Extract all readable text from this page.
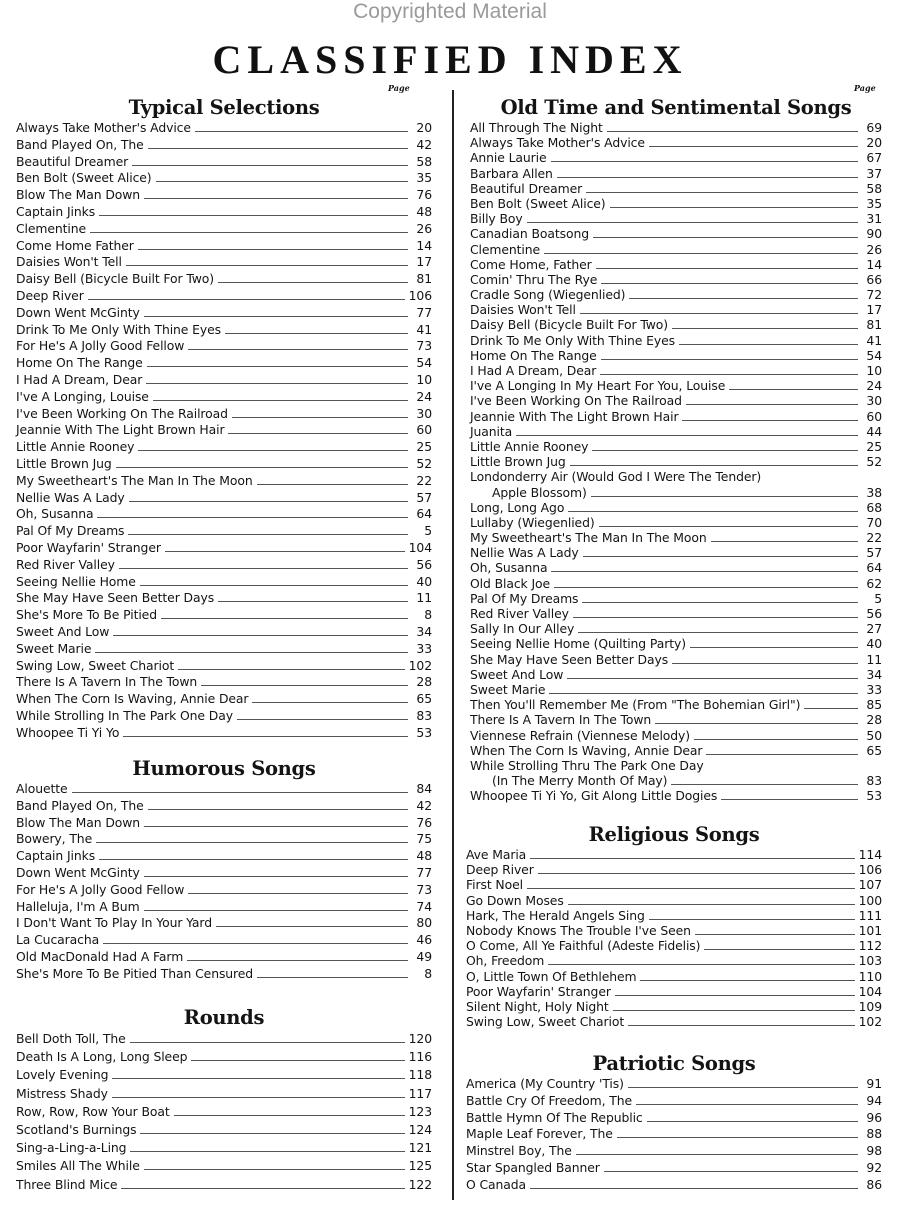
Copyrighted Material
CLASSIFIED INDEX
Page
Typical Selections
Always Take Mother's Advice	20
Band Played On, The	42
Beautiful Dreamer	58
Ben Bolt (Sweet Alice)	35
Blow The Man Down	76
Captain Jinks	48
Clementine	26
Come Home Father	14
Daisies Won't Tell	17
Daisy Bell (Bicycle Built For Two)	81
Deep River	106
Down Went McGinty	77
Drink To Me Only With Thine Eyes	41
For He's A Jolly Good Fellow	73
Home On The Range	54
I Had A Dream, Dear	10
I've A Longing, Louise	24
I've Been Working On The Railroad	30
Jeannie With The Light Brown Hair	60
Little Annie Rooney	25
Little Brown Jug	52
My Sweetheart's The Man In The Moon	22
Nellie Was A Lady	57
Oh, Susanna	64
Pal Of My Dreams	5
Poor Wayfarin' Stranger	104
Red River Valley	56
Seeing Nellie Home	40
She May Have Seen Better Days	11
She's More To Be Pitied	8
Sweet And Low	34
Sweet Marie	33
Swing Low, Sweet Chariot	102
There Is A Tavern In The Town	28
When The Corn Is Waving, Annie Dear	65
While Strolling In The Park One Day	83
Whoopee Ti Yi Yo	53
Humorous Songs
Alouette	84
Band Played On, The	42
Blow The Man Down	76
Bowery, The	75
Captain Jinks	48
Down Went McGinty	77
For He's A Jolly Good Fellow	73
Halleluja, I'm A Bum	74
I Don't Want To Play In Your Yard	80
La Cucaracha	46
Old MacDonald Had A Farm	49
She's More To Be Pitied Than Censured	8
Rounds
Bell Doth Toll, The	120
Death Is A Long, Long Sleep	116
Lovely Evening	118
Mistress Shady	117
Row, Row, Row Your Boat	123
Scotland's Burnings	124
Sing-a-Ling-a-Ling	121
Smiles All The While	125
Three Blind Mice	122
Page
Old Time and Sentimental Songs
All Through The Night	69
Always Take Mother's Advice	20
Annie Laurie	67
Barbara Allen	37
Beautiful Dreamer	58
Ben Bolt (Sweet Alice)	35
Billy Boy	31
Canadian Boatsong	90
Clementine	26
Come Home, Father	14
Comin' Thru The Rye	66
Cradle Song (Wiegenlied)	72
Daisies Won't Tell	17
Daisy Bell (Bicycle Built For Two)	81
Drink To Me Only With Thine Eyes	41
Home On The Range	54
I Had A Dream, Dear	10
I've A Longing In My Heart For You, Louise	24
I've Been Working On The Railroad	30
Jeannie With The Light Brown Hair	60
Juanita	44
Little Annie Rooney	25
Little Brown Jug	52
Londonderry Air (Would God I Were The Tender)
Apple Blossom)	38
Long, Long Ago	68
Lullaby (Wiegenlied)	70
My Sweetheart's The Man In The Moon	22
Nellie Was A Lady	57
Oh, Susanna	64
Old Black Joe	62
Pal Of My Dreams	5
Red River Valley	56
Sally In Our Alley	27
Seeing Nellie Home (Quilting Party)	40
She May Have Seen Better Days	11
Sweet And Low	34
Sweet Marie	33
Then You'll Remember Me (From "The Bohemian Girl")	85
There Is A Tavern In The Town	28
Viennese Refrain (Viennese Melody)	50
When The Corn Is Waving, Annie Dear	65
While Strolling Thru The Park One Day
(In The Merry Month Of May)	83
Whoopee Ti Yi Yo, Git Along Little Dogies	53
Religious Songs
Ave Maria	114
Deep River	106
First Noel	107
Go Down Moses	100
Hark, The Herald Angels Sing	111
Nobody Knows The Trouble I've Seen	101
O Come, All Ye Faithful (Adeste Fidelis)	112
Oh, Freedom	103
O, Little Town Of Bethlehem	110
Poor Wayfarin' Stranger	104
Silent Night, Holy Night	109
Swing Low, Sweet Chariot	102
Patriotic Songs
America (My Country 'Tis)	91
Battle Cry Of Freedom, The	94
Battle Hymn Of The Republic	96
Maple Leaf Forever, The	88
Minstrel Boy, The	98
Star Spangled Banner	92
O Canada	86
